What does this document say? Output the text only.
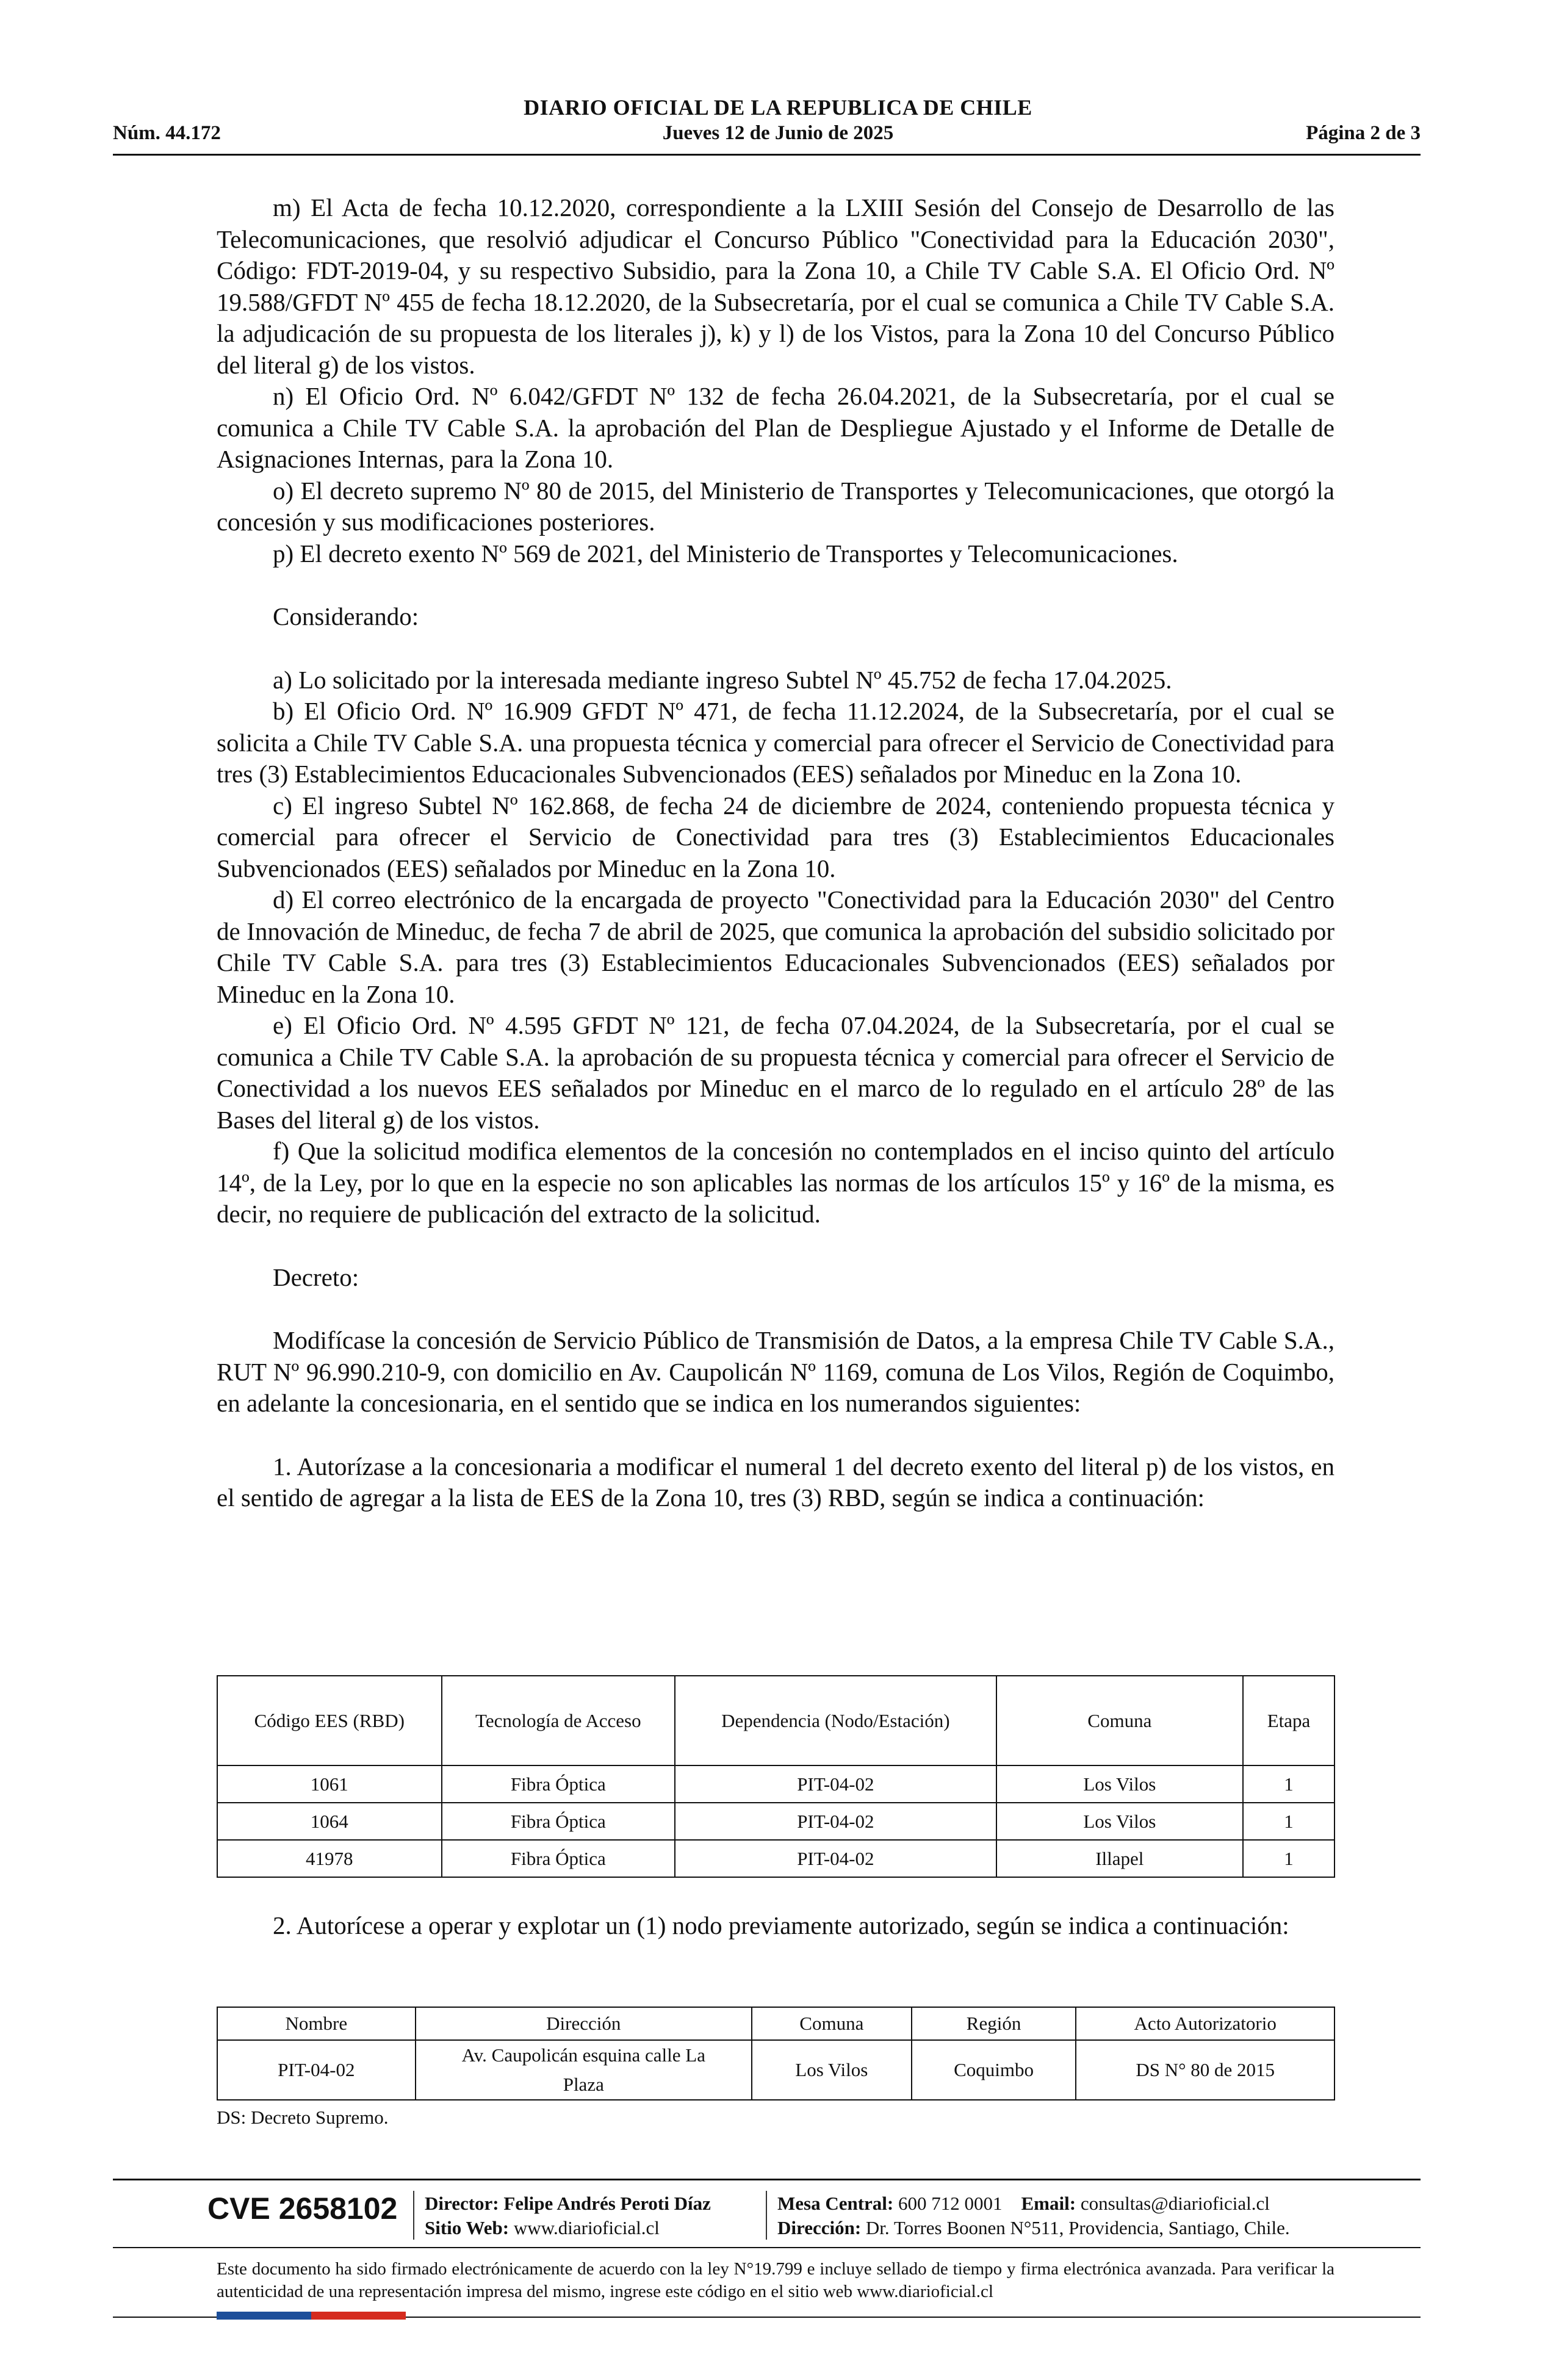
DIARIO OFICIAL DE LA REPUBLICA DE CHILE
Núm. 44.172	Jueves 12 de Junio de 2025	Página 2 de 3

m) El Acta de fecha 10.12.2020, correspondiente a la LXIII Sesión del Consejo de Desarrollo de las Telecomunicaciones, que resolvió adjudicar el Concurso Público "Conectividad para la Educación 2030", Código: FDT-2019-04, y su respectivo Subsidio, para la Zona 10, a Chile TV Cable S.A. El Oficio Ord. Nº 19.588/GFDT Nº 455 de fecha 18.12.2020, de la Subsecretaría, por el cual se comunica a Chile TV Cable S.A. la adjudicación de su propuesta de los literales j), k) y l) de los Vistos, para la Zona 10 del Concurso Público del literal g) de los vistos.

n) El Oficio Ord. Nº 6.042/GFDT Nº 132 de fecha 26.04.2021, de la Subsecretaría, por el cual se comunica a Chile TV Cable S.A. la aprobación del Plan de Despliegue Ajustado y el Informe de Detalle de Asignaciones Internas, para la Zona 10.

o) El decreto supremo Nº 80 de 2015, del Ministerio de Transportes y Telecomunicaciones, que otorgó la concesión y sus modificaciones posteriores.

p) El decreto exento Nº 569 de 2021, del Ministerio de Transportes y Telecomunicaciones.

Considerando:

a) Lo solicitado por la interesada mediante ingreso Subtel Nº 45.752 de fecha 17.04.2025.

b) El Oficio Ord. Nº 16.909 GFDT Nº 471, de fecha 11.12.2024, de la Subsecretaría, por el cual se solicita a Chile TV Cable S.A. una propuesta técnica y comercial para ofrecer el Servicio de Conectividad para tres (3) Establecimientos Educacionales Subvencionados (EES) señalados por Mineduc en la Zona 10.

c) El ingreso Subtel Nº 162.868, de fecha 24 de diciembre de 2024, conteniendo propuesta técnica y comercial para ofrecer el Servicio de Conectividad para tres (3) Establecimientos Educacionales Subvencionados (EES) señalados por Mineduc en la Zona 10.

d) El correo electrónico de la encargada de proyecto "Conectividad para la Educación 2030" del Centro de Innovación de Mineduc, de fecha 7 de abril de 2025, que comunica la aprobación del subsidio solicitado por Chile TV Cable S.A. para tres (3) Establecimientos Educacionales Subvencionados (EES) señalados por Mineduc en la Zona 10.

e) El Oficio Ord. Nº 4.595 GFDT Nº 121, de fecha 07.04.2024, de la Subsecretaría, por el cual se comunica a Chile TV Cable S.A. la aprobación de su propuesta técnica y comercial para ofrecer el Servicio de Conectividad a los nuevos EES señalados por Mineduc en el marco de lo regulado en el artículo 28º de las Bases del literal g) de los vistos.

f) Que la solicitud modifica elementos de la concesión no contemplados en el inciso quinto del artículo 14º, de la Ley, por lo que en la especie no son aplicables las normas de los artículos 15º y 16º de la misma, es decir, no requiere de publicación del extracto de la solicitud.

Decreto:

Modifícase la concesión de Servicio Público de Transmisión de Datos, a la empresa Chile TV Cable S.A., RUT Nº 96.990.210-9, con domicilio en Av. Caupolicán Nº 1169, comuna de Los Vilos, Región de Coquimbo, en adelante la concesionaria, en el sentido que se indica en los numerandos siguientes:

1. Autorízase a la concesionaria a modificar el numeral 1 del decreto exento del literal p) de los vistos, en el sentido de agregar a la lista de EES de la Zona 10, tres (3) RBD, según se indica a continuación:

Código EES (RBD)	Tecnología de Acceso	Dependencia (Nodo/Estación)	Comuna	Etapa
1061	Fibra Óptica	PIT-04-02	Los Vilos	1
1064	Fibra Óptica	PIT-04-02	Los Vilos	1
41978	Fibra Óptica	PIT-04-02	Illapel	1

2. Autorícese a operar y explotar un (1) nodo previamente autorizado, según se indica a continuación:

Nombre	Dirección	Comuna	Región	Acto Autorizatorio
PIT-04-02	Av. Caupolicán esquina calle La Plaza	Los Vilos	Coquimbo	DS N° 80 de 2015
DS: Decreto Supremo.
CVE 2658102 Director: Felipe Andrés Peroti Díaz
Sitio Web: www.diarioficial.cl
Mesa Central: 600 712 0001 Email: consultas@diarioficial.cl
Dirección: Dr. Torres Boonen N°511, Providencia, Santiago, Chile.
Este documento ha sido firmado electrónicamente de acuerdo con la ley N°19.799 e incluye sellado de tiempo y firma electrónica avanzada. Para verificar la autenticidad de una representación impresa del mismo, ingrese este código en el sitio web www.diarioficial.cl
